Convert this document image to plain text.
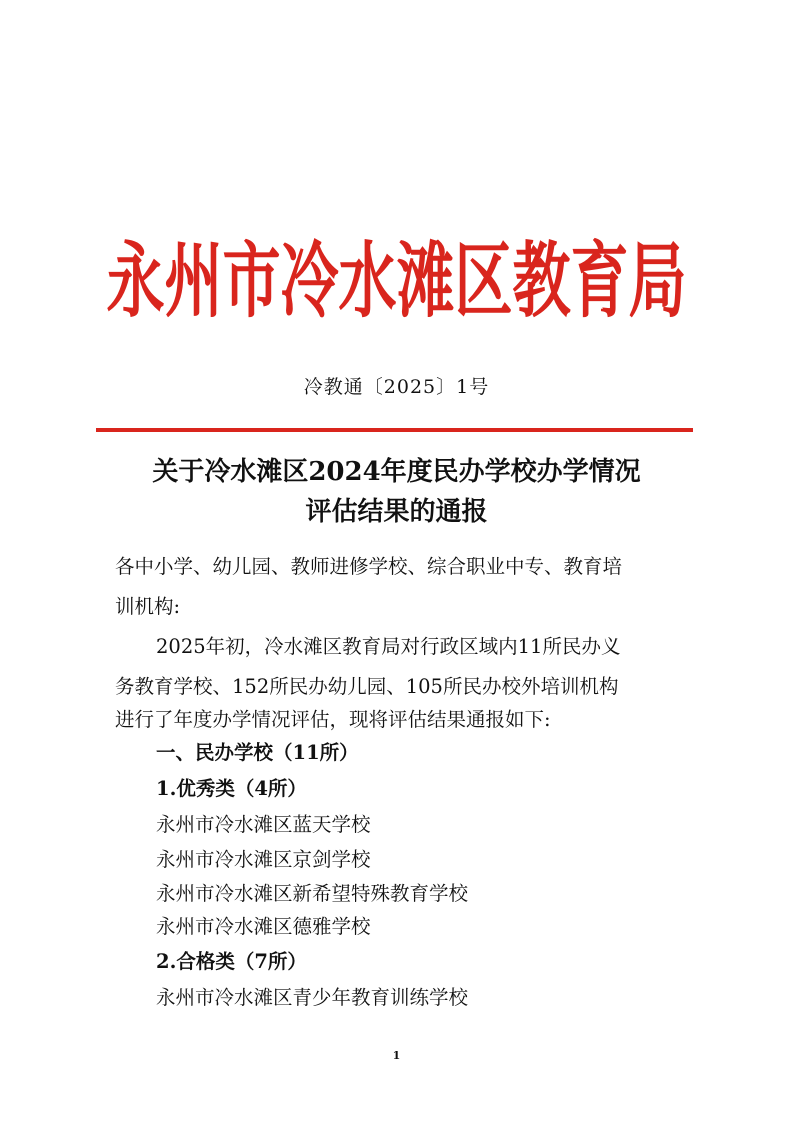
永州市冷水滩区教育局
冷教通〔2025〕1号
关于冷水滩区2024年度民办学校办学情况
评估结果的通报
各中小学、幼儿园、教师进修学校、综合职业中专、教育培
训机构:
2025年初，冷水滩区教育局对行政区域内11所民办义
务教育学校、152所民办幼儿园、105所民办校外培训机构
进行了年度办学情况评估，现将评估结果通报如下:
一、民办学校（11所）
1.优秀类（4所）
永州市冷水滩区蓝天学校
永州市冷水滩区京剑学校
永州市冷水滩区新希望特殊教育学校
永州市冷水滩区德雅学校
2.合格类（7所）
永州市冷水滩区青少年教育训练学校
1
